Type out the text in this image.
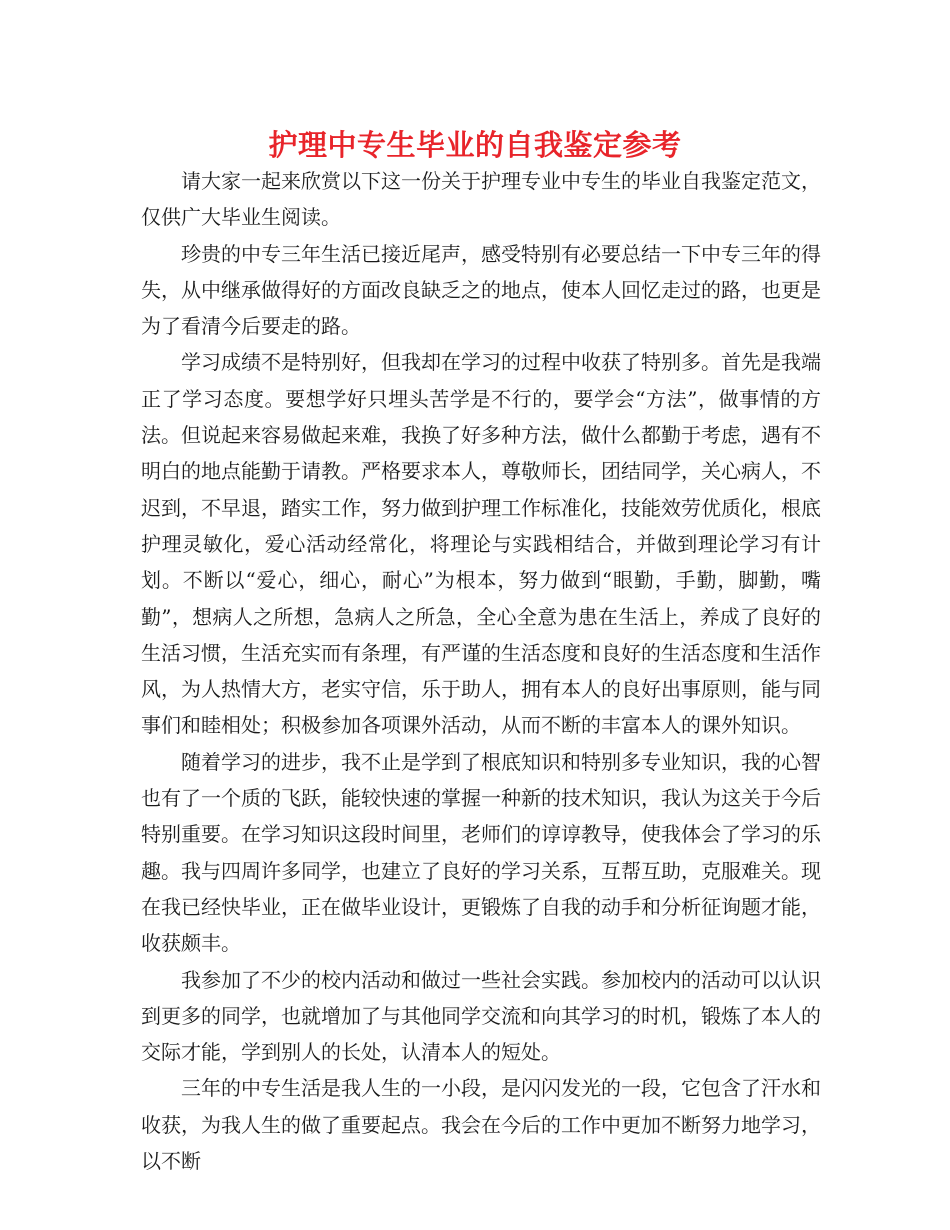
护理中专生毕业的自我鉴定参考

请大家一起来欣赏以下这一份关于护理专业中专生的毕业自我鉴定范文，仅供广大毕业生阅读。

珍贵的中专三年生活已接近尾声，感受特别有必要总结一下中专三年的得失，从中继承做得好的方面改良缺乏之的地点，使本人回忆走过的路，也更是为了看清今后要走的路。

学习成绩不是特别好，但我却在学习的过程中收获了特别多。首先是我端正了学习态度。要想学好只埋头苦学是不行的，要学会“方法”，做事情的方法。但说起来容易做起来难，我换了好多种方法，做什么都勤于考虑，遇有不明白的地点能勤于请教。严格要求本人，尊敬师长，团结同学，关心病人，不迟到，不早退，踏实工作，努力做到护理工作标准化，技能效劳优质化，根底护理灵敏化，爱心活动经常化，将理论与实践相结合，并做到理论学习有计划。不断以“爱心，细心，耐心”为根本，努力做到“眼勤，手勤，脚勤，嘴勤”，想病人之所想，急病人之所急，全心全意为患在生活上，养成了良好的生活习惯，生活充实而有条理，有严谨的生活态度和良好的生活态度和生活作风，为人热情大方，老实守信，乐于助人，拥有本人的良好出事原则，能与同事们和睦相处；积极参加各项课外活动，从而不断的丰富本人的课外知识。

随着学习的进步，我不止是学到了根底知识和特别多专业知识，我的心智也有了一个质的飞跃，能较快速的掌握一种新的技术知识，我认为这关于今后特别重要。在学习知识这段时间里，老师们的谆谆教导，使我体会了学习的乐趣。我与四周许多同学，也建立了良好的学习关系，互帮互助，克服难关。现在我已经快毕业，正在做毕业设计，更锻炼了自我的动手和分析征询题才能，收获颇丰。

我参加了不少的校内活动和做过一些社会实践。参加校内的活动可以认识到更多的同学，也就增加了与其他同学交流和向其学习的时机，锻炼了本人的交际才能，学到别人的长处，认清本人的短处。

三年的中专生活是我人生的一小段，是闪闪发光的一段，它包含了汗水和收获，为我人生的做了重要起点。我会在今后的工作中更加不断努力地学习，以不断
